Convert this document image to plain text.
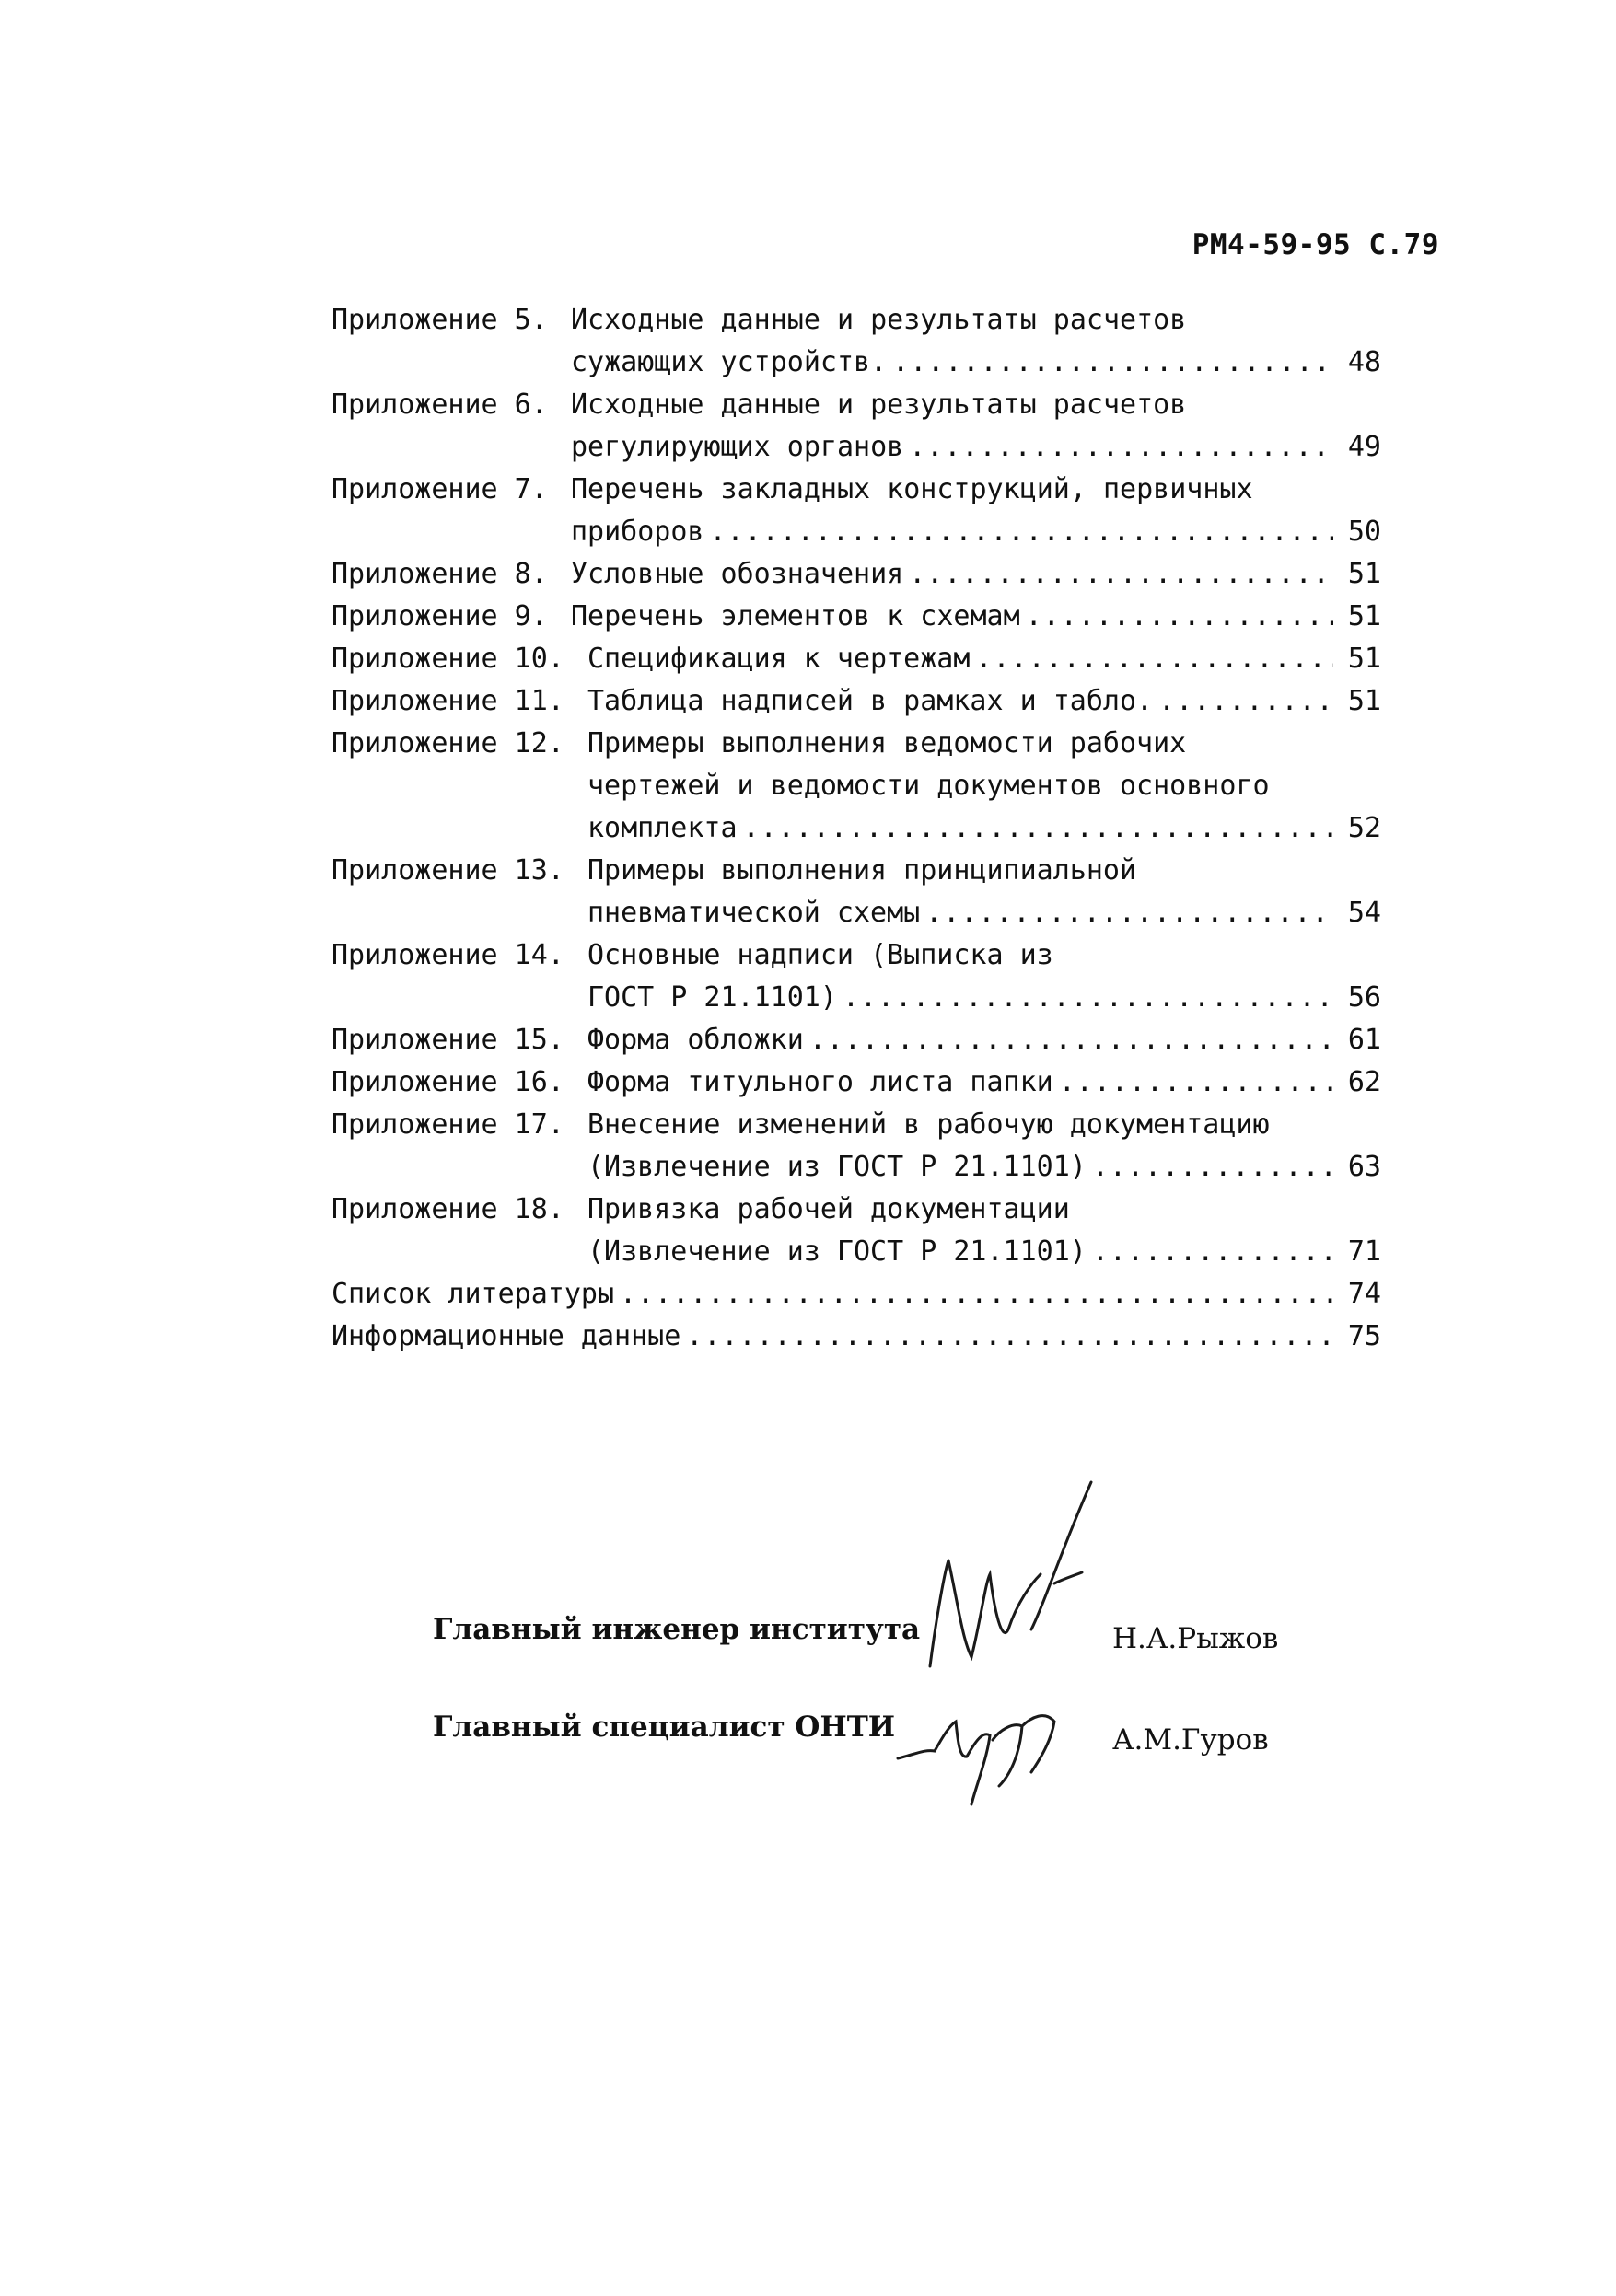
РМ4-59-95 С.79
Приложение 5. Исходные данные и результаты расчетов
сужающих устройств. .....	48
Приложение 6. Исходные данные и результаты расчетов
регулирующих органов .....	49
Приложение 7. Перечень закладных конструкций, первичных
приборов .....	50
Приложение 8. Условные обозначения .....	51
Приложение 9. Перечень элементов к схемам .....	51
Приложение 10. Спецификация к чертежам .....	51
Приложение 11. Таблица надписей в рамках и табло. .....	51
Приложение 12. Примеры выполнения ведомости рабочих
чертежей и ведомости документов основного
комплекта .....	52
Приложение 13. Примеры выполнения принципиальной
пневматической схемы .....	54
Приложение 14. Основные надписи (Выписка из
ГОСТ Р 21.1101) .....	56
Приложение 15. Форма обложки .....	61
Приложение 16. Форма титульного листа папки .....	62
Приложение 17. Внесение изменений в рабочую документацию
(Извлечение из ГОСТ Р 21.1101) .....	63
Приложение 18. Привязка рабочей документации
(Извлечение из ГОСТ Р 21.1101) .....	71
Список литературы .....	74
Информационные данные .....	75
Главный инженер института	Н.А.Рыжов
Главный специалист ОНТИ	А.М.Гуров
